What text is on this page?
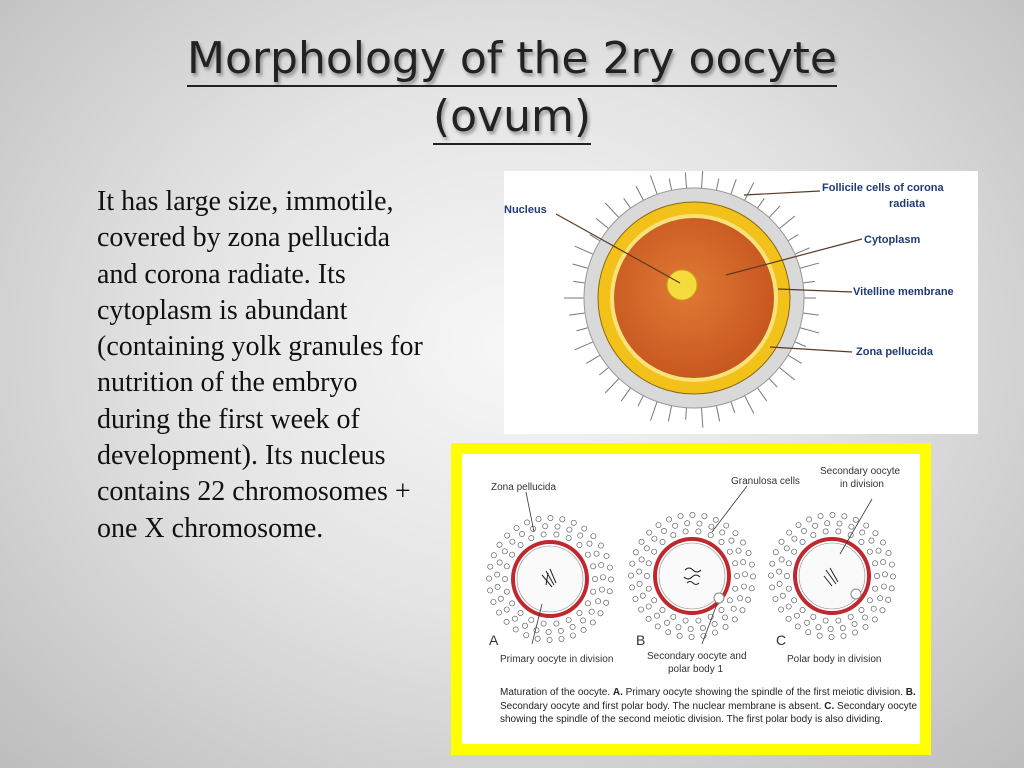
Morphology of the 2ry oocyte
(ovum)

It has large size, immotile, covered by zona pellucida and corona radiate. Its cytoplasm is abundant (containing yolk granules for nutrition of the embryo during the first week of development). Its nucleus contains 22 chromosomes + one X chromosome.

Nucleus
Follicile cells of corona
radiata
Cytoplasm
Vitelline membrane
Zona pellucida
Zona pellucida
Granulosa cells
Secondary oocyte
in division
A	B	C
Primary oocyte in division	Secondary oocyte and
polar body 1
Polar body in division
Maturation of the oocyte. A. Primary oocyte showing the spindle of the first meiotic division. B. Secondary oocyte and first polar body. The nuclear membrane is absent. C. Secondary oocyte showing the spindle of the second meiotic division. The first polar body is also dividing.
